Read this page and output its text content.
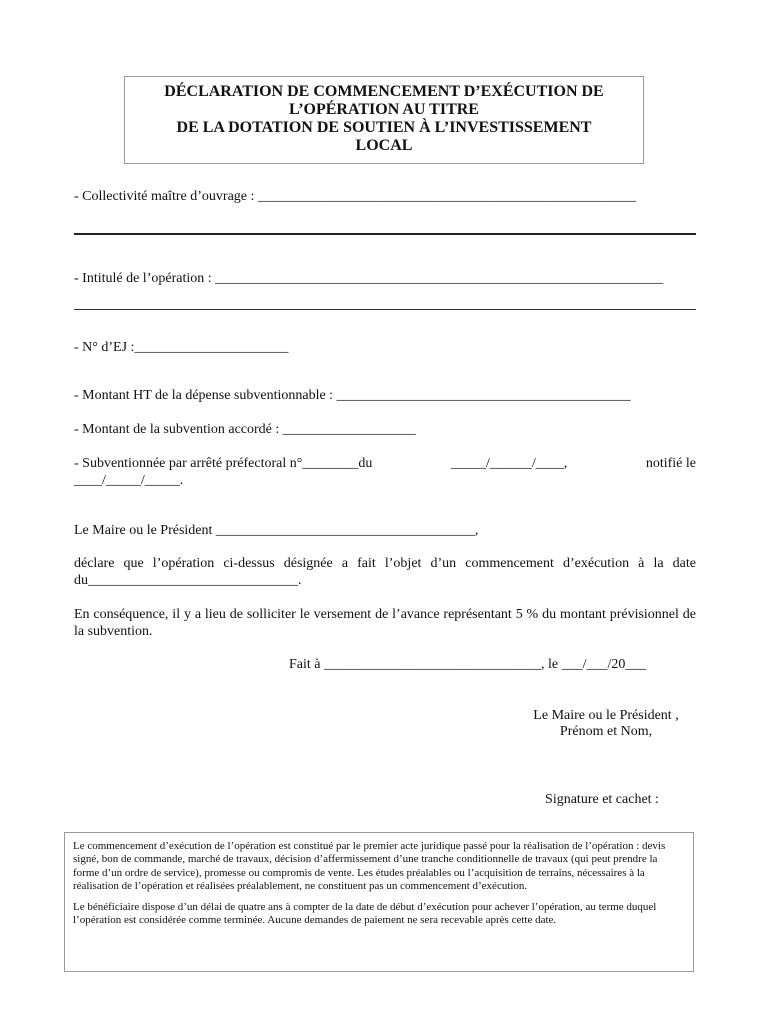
DÉCLARATION DE COMMENCEMENT D’EXÉCUTION DE
L’OPÉRATION AU TITRE
DE LA DOTATION DE SOUTIEN À L’INVESTISSEMENT
LOCAL
- Collectivité maître d’ouvrage : ______________________________________________________
- Intitulé de l’opération : ________________________________________________________________
- N° d’EJ :______________________
- Montant HT de la dépense subventionnable : __________________________________________
- Montant de la subvention accordé : ___________________
- Subventionnée par arrêté préfectoral n°________du	_____/______/____,	notifié le
____/_____/_____.
Le Maire ou le Président _____________________________________,
déclare que l’opération ci-dessus désignée a fait l’objet d’un commencement d’exécution à la date du______________________________.
En conséquence, il y a lieu de solliciter le versement de l’avance représentant 5 % du montant prévisionnel de la subvention.
Fait à _______________________________, le ___/___/20___
Le Maire ou le Président ,
Prénom et Nom,
Signature et cachet :

Le commencement d’exécution de l’opération est constitué par le premier acte juridique passé pour la réalisation de l’opération : devis signé, bon de commande, marché de travaux, décision d’affermissement d’une tranche conditionnelle de travaux (qui peut prendre la forme d’un ordre de service), promesse ou compromis de vente. Les études préalables ou l’acquisition de terrains, nécessaires à la réalisation de l’opération et réalisées préalablement, ne constituent pas un commencement d’exécution.

Le bénéficiaire dispose d’un délai de quatre ans à compter de la date de début d’exécution pour achever l’opération, au terme duquel l’opération est considérée comme terminée. Aucune demandes de paiement ne sera recevable après cette date.
